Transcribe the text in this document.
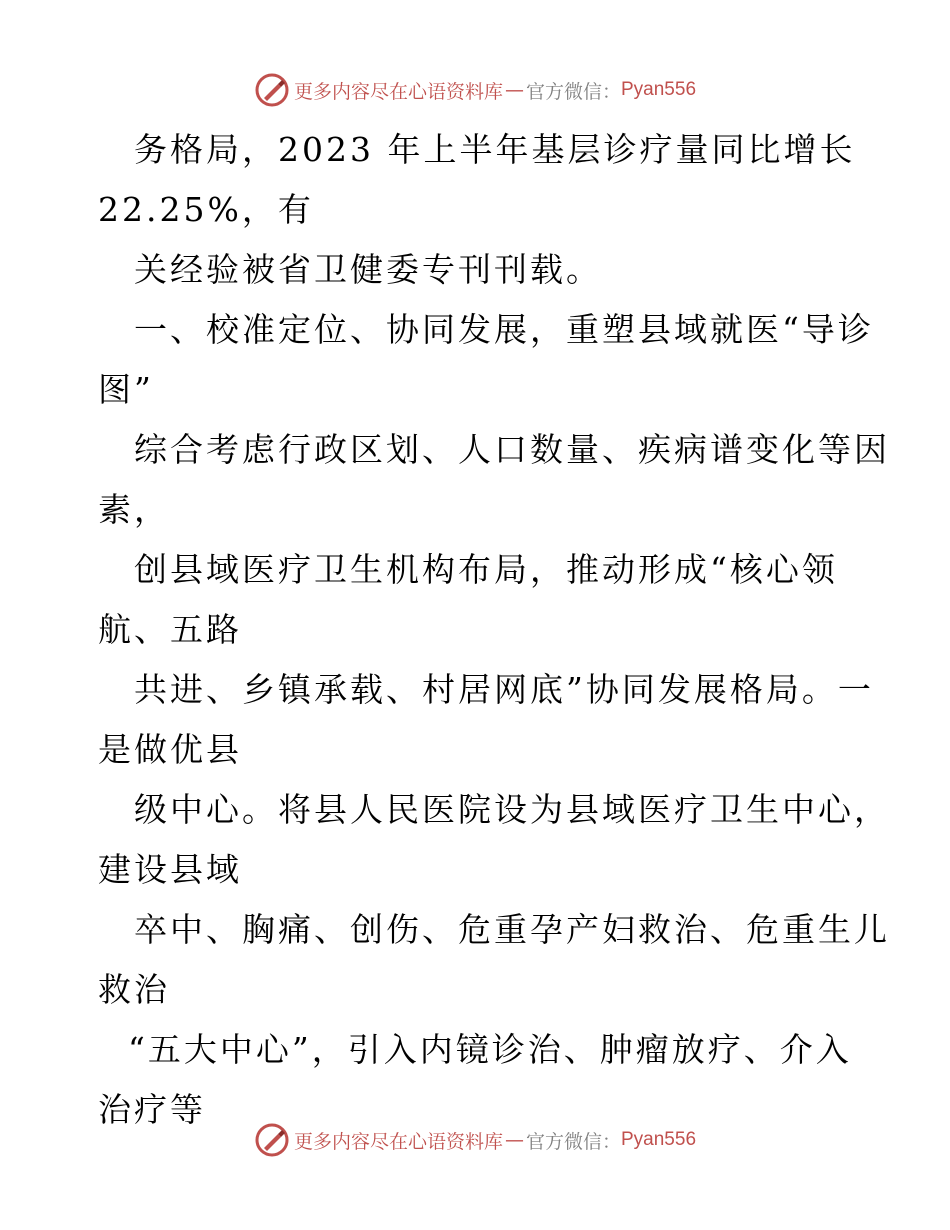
更多内容尽在心语资料库 — 官方微信： Pyan556
务格局，2023 年上半年基层诊疗量同比增长
22.25%，有
关经验被省卫健委专刊刊载。
一、校准定位、协同发展，重塑县域就医“导诊
图”
综合考虑行政区划、人口数量、疾病谱变化等因
素，
创县域医疗卫生机构布局，推动形成“核心领
航、五路
共进、乡镇承载、村居网底”协同发展格局。一
是做优县
级中心。将县人民医院设为县域医疗卫生中心，
建设县域
卒中、胸痛、创伤、危重孕产妇救治、危重生儿
救治
“五大中心”，引入内镜诊治、肿瘤放疗、介入
治疗等
更多内容尽在心语资料库 — 官方微信： Pyan556
